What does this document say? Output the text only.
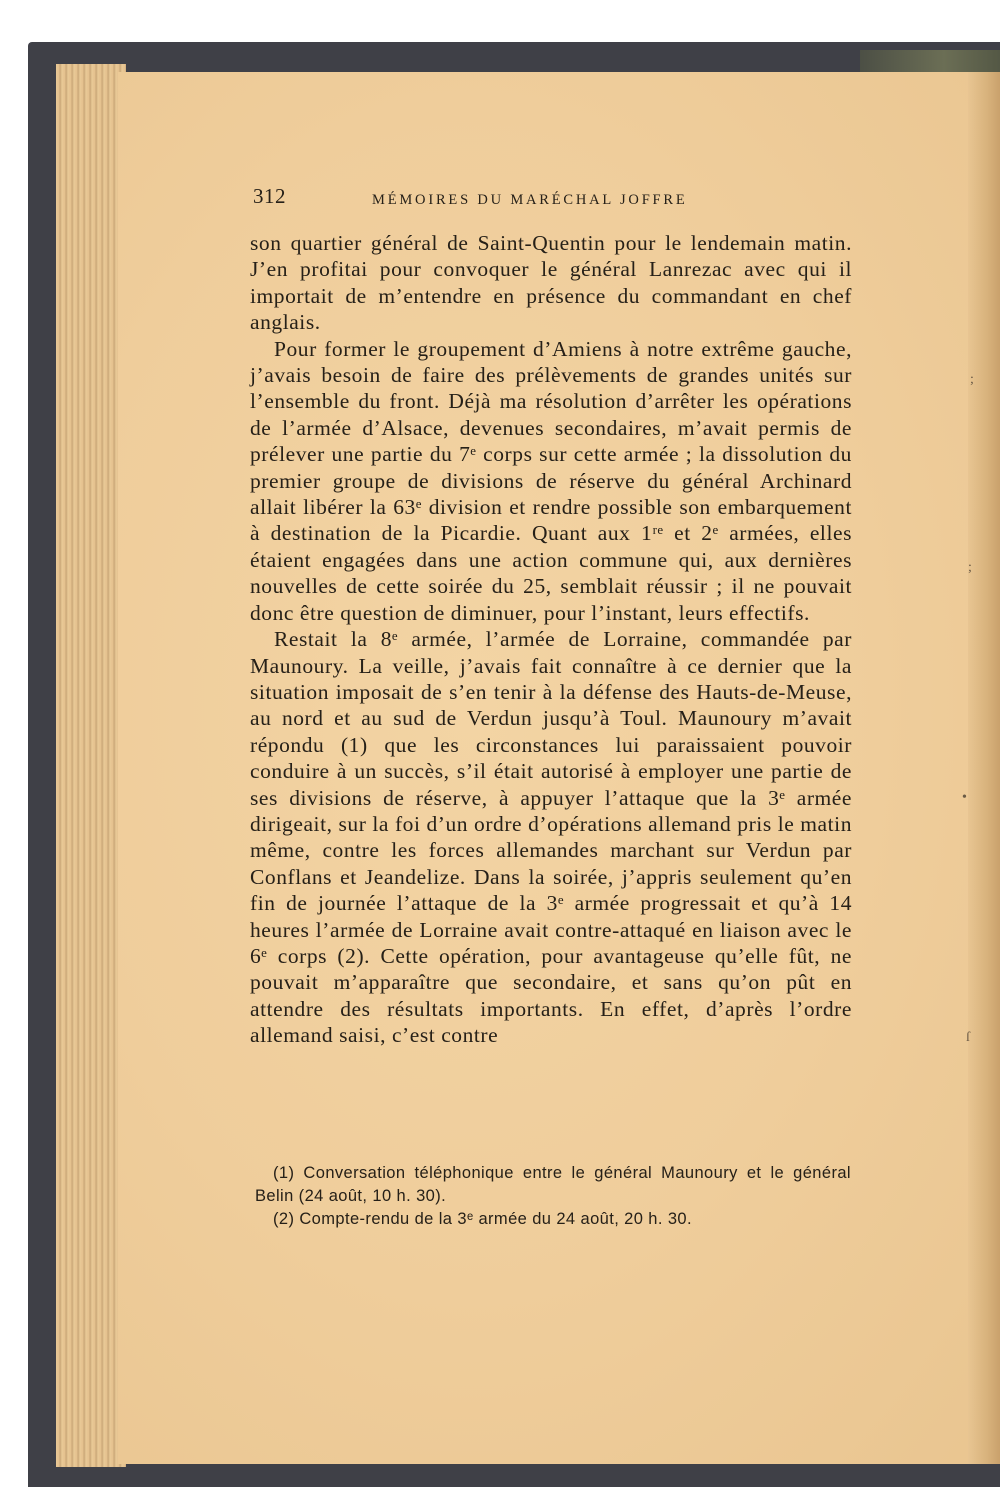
;
;
•
ſ
312	MÉMOIRES DU MARÉCHAL JOFFRE

son quartier général de Saint-Quentin pour le lendemain matin. J’en profitai pour convoquer le général Lanrezac avec qui il importait de m’entendre en présence du commandant en chef anglais.

Pour former le groupement d’Amiens à notre extrême gauche, j’avais besoin de faire des prélèvements de grandes unités sur l’ensemble du front. Déjà ma résolution d’arrêter les opérations de l’armée d’Alsace, devenues secondaires, m’avait permis de prélever une partie du 7ᵉ corps sur cette armée ; la dissolution du premier groupe de divisions de réserve du général Archinard allait libérer la 63ᵉ division et rendre possible son embarquement à destination de la Picardie. Quant aux 1ʳᵉ et 2ᵉ armées, elles étaient engagées dans une action commune qui, aux dernières nouvelles de cette soirée du 25, semblait réussir ; il ne pouvait donc être question de diminuer, pour l’instant, leurs effectifs.

Restait la 8ᵉ armée, l’armée de Lorraine, commandée par Maunoury. La veille, j’avais fait connaître à ce dernier que la situation imposait de s’en tenir à la défense des Hauts-de-Meuse, au nord et au sud de Verdun jusqu’à Toul. Maunoury m’avait répondu (1) que les circonstances lui paraissaient pouvoir conduire à un succès, s’il était autorisé à employer une partie de ses divisions de réserve, à appuyer l’attaque que la 3ᵉ armée dirigeait, sur la foi d’un ordre d’opérations allemand pris le matin même, contre les forces allemandes marchant sur Verdun par Conflans et Jeandelize. Dans la soirée, j’appris seulement qu’en fin de journée l’attaque de la 3ᵉ armée progressait et qu’à 14 heures l’armée de Lorraine avait contre-attaqué en liaison avec le 6ᵉ corps (2). Cette opération, pour avantageuse qu’elle fût, ne pouvait m’apparaître que secondaire, et sans qu’on pût en attendre des résultats importants. En effet, d’après l’ordre allemand saisi, c’est contre

(1) Conversation téléphonique entre le général Maunoury et le général Belin (24 août, 10 h. 30).

(2) Compte-rendu de la 3ᵉ armée du 24 août, 20 h. 30.
